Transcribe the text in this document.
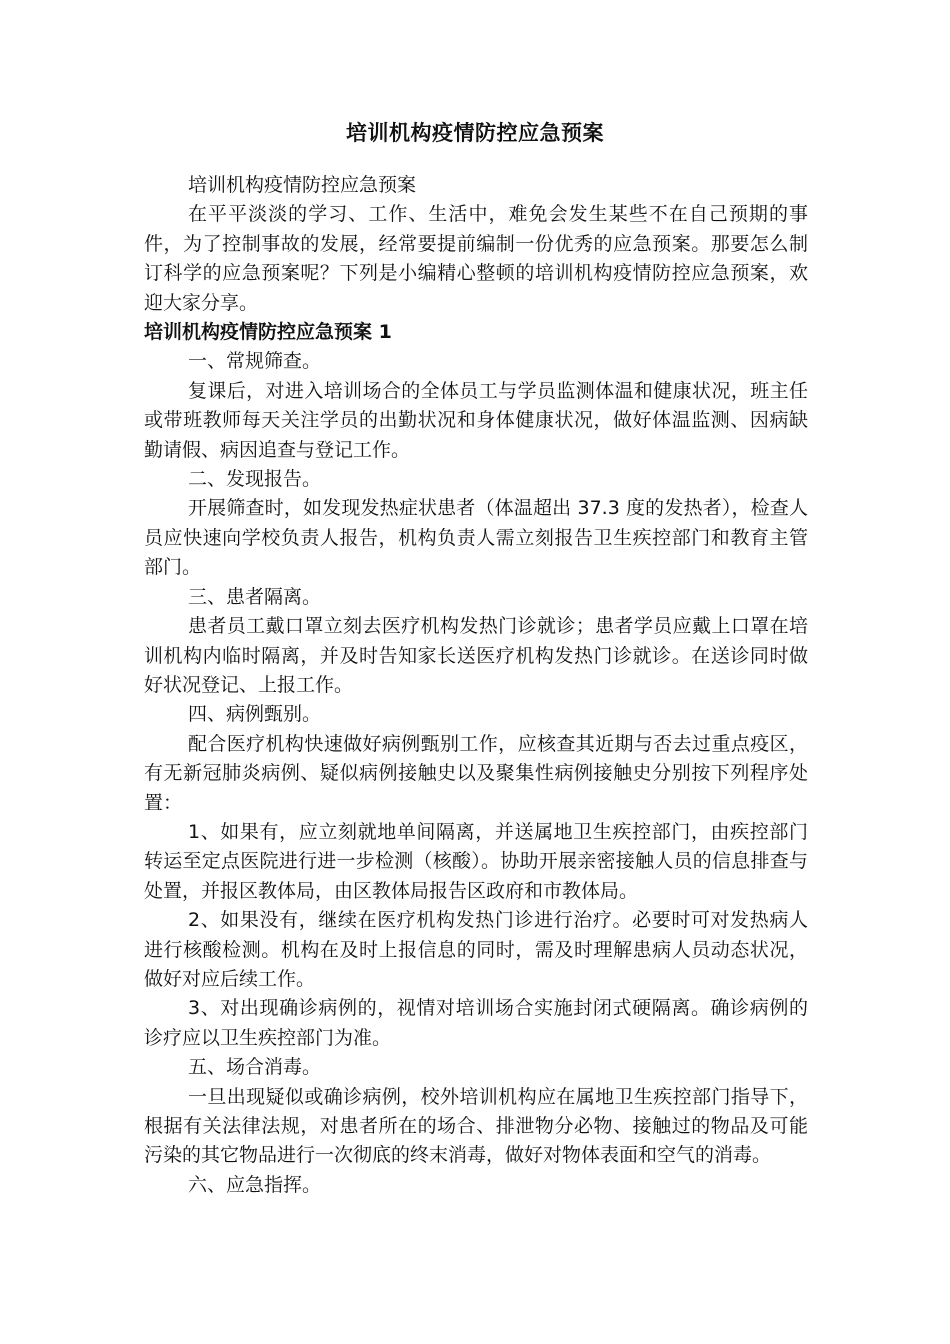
培训机构疫情防控应急预案

培训机构疫情防控应急预案

在平平淡淡的学习、工作、生活中，难免会发生某些不在自己预期的事件，为了控制事故的发展，经常要提前编制一份优秀的应急预案。那要怎么制订科学的应急预案呢？下列是小编精心整顿的培训机构疫情防控应急预案，欢迎大家分享。

培训机构疫情防控应急预案 1

一、常规筛查。

复课后，对进入培训场合的全体员工与学员监测体温和健康状况，班主任或带班教师每天关注学员的出勤状况和身体健康状况，做好体温监测、因病缺勤请假、病因追查与登记工作。

二、发现报告。

开展筛查时，如发现发热症状患者（体温超出 37.3 度的发热者），检查人员应快速向学校负责人报告，机构负责人需立刻报告卫生疾控部门和教育主管部门。

三、患者隔离。

患者员工戴口罩立刻去医疗机构发热门诊就诊；患者学员应戴上口罩在培训机构内临时隔离，并及时告知家长送医疗机构发热门诊就诊。在送诊同时做好状况登记、上报工作。

四、病例甄别。

配合医疗机构快速做好病例甄别工作，应核查其近期与否去过重点疫区，有无新冠肺炎病例、疑似病例接触史以及聚集性病例接触史分别按下列程序处置：

1、如果有，应立刻就地单间隔离，并送属地卫生疾控部门，由疾控部门转运至定点医院进行进一步检测（核酸）。协助开展亲密接触人员的信息排查与处置，并报区教体局，由区教体局报告区政府和市教体局。

2、如果没有，继续在医疗机构发热门诊进行治疗。必要时可对发热病人进行核酸检测。机构在及时上报信息的同时，需及时理解患病人员动态状况，做好对应后续工作。

3、对出现确诊病例的，视情对培训场合实施封闭式硬隔离。确诊病例的诊疗应以卫生疾控部门为准。

五、场合消毒。

一旦出现疑似或确诊病例，校外培训机构应在属地卫生疾控部门指导下，根据有关法律法规，对患者所在的场合、排泄物分必物、接触过的物品及可能污染的其它物品进行一次彻底的终末消毒，做好对物体表面和空气的消毒。

六、应急指挥。
